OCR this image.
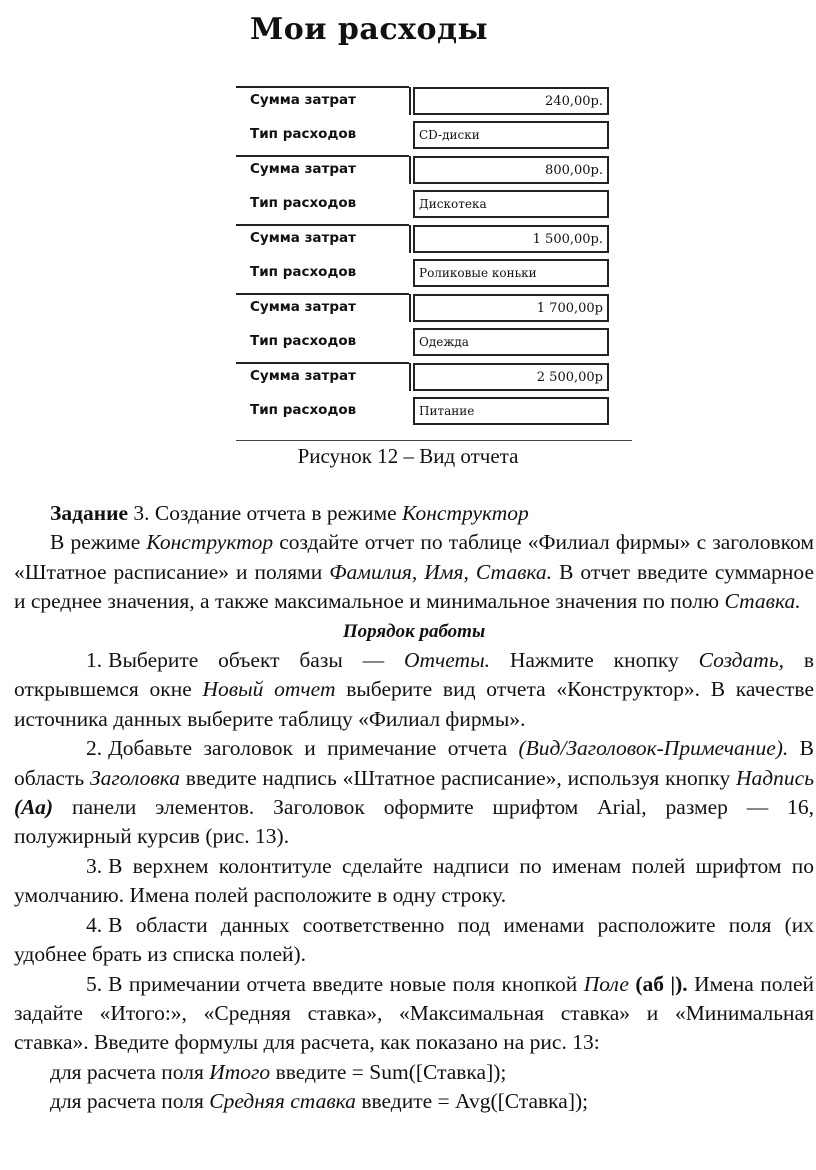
Мои расходы
Сумма затрат	240,00р.
Тип расходов	CD-диски
Сумма затрат	800,00р.
Тип расходов	Дискотека
Сумма затрат	1 500,00р.
Тип расходов	Роликовые коньки
Сумма затрат	1 700,00р
Тип расходов	Одежда
Сумма затрат	2 500,00р
Тип расходов	Питание
Рисунок 12 – Вид отчета

Задание 3. Создание отчета в режиме Конструктор

В режиме Конструктор создайте отчет по таблице «Филиал фирмы» с заголовком «Штатное расписание» и полями Фамилия, Имя, Ставка. В отчет введите суммарное и среднее значения, а также максимальное и минимальное значения по полю Ставка.

Порядок работы

1. Выберите объект базы — Отчеты. Нажмите кнопку Создать, в открывшемся окне Новый отчет выберите вид отчета «Конструктор». В качестве источника данных выберите таблицу «Филиал фирмы».

2. Добавьте заголовок и примечание отчета (Вид/Заголовок-Примечание). В область Заголовка введите надпись «Штатное расписание», используя кнопку Надпись (Аа) панели элементов. Заголовок оформите шрифтом Arial, размер — 16, полужирный курсив (рис. 13).

3. В верхнем колонтитуле сделайте надписи по именам полей шрифтом по умолчанию. Имена полей расположите в одну строку.

4. В области данных соответственно под именами расположите поля (их удобнее брать из списка полей).

5. В примечании отчета введите новые поля кнопкой Поле (аб |). Имена полей задайте «Итого:», «Средняя ставка», «Максимальная ставка» и «Минимальная ставка». Введите формулы для расчета, как показано на рис. 13:

для расчета поля Итого введите = Sum([Ставка]);

для расчета поля Средняя ставка введите = Avg([Ставка]);
